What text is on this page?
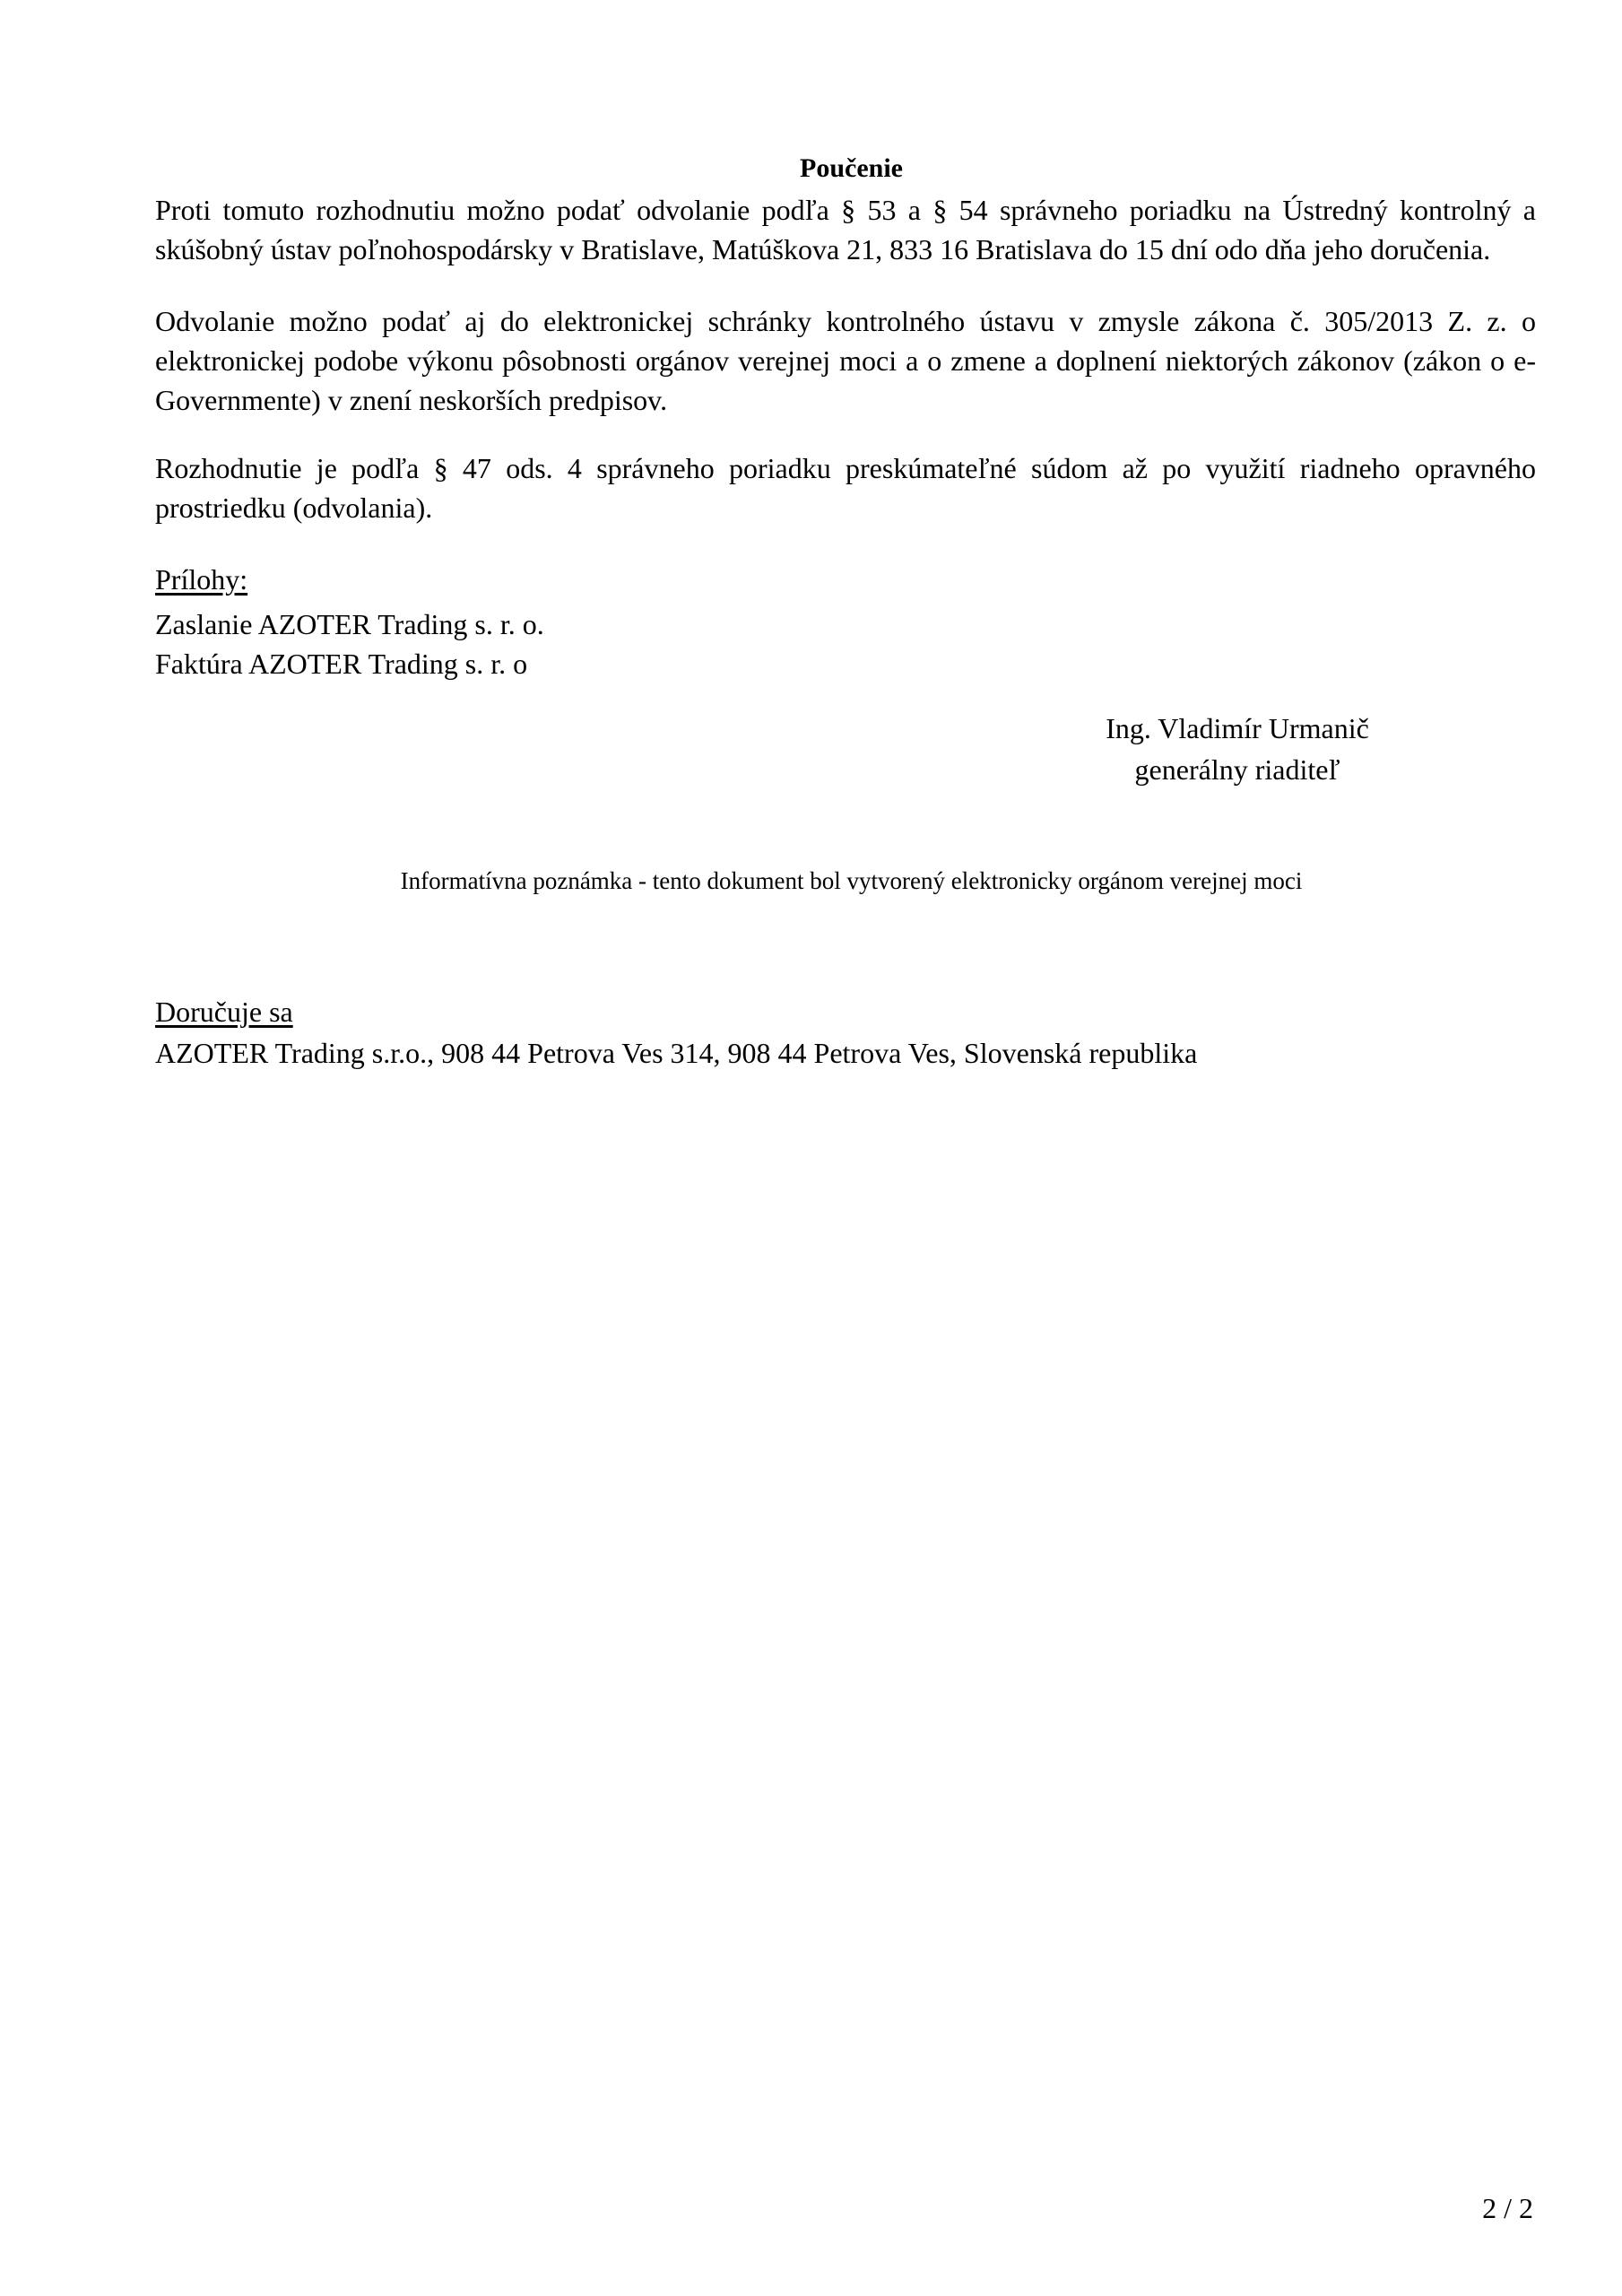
Poučenie
Proti tomuto rozhodnutiu možno podať odvolanie podľa § 53 a § 54 správneho poriadku na Ústredný kontrolný a skúšobný ústav poľnohospodársky v Bratislave, Matúškova 21, 833 16 Bratislava do 15 dní odo dňa jeho doručenia.
Odvolanie možno podať aj do elektronickej schránky kontrolného ústavu v zmysle zákona č. 305/2013 Z. z. o elektronickej podobe výkonu pôsobnosti orgánov verejnej moci a o zmene a doplnení niektorých zákonov (zákon o e-Governmente) v znení neskorších predpisov.
Rozhodnutie je podľa § 47 ods. 4 správneho poriadku preskúmateľné súdom až po využití riadneho opravného prostriedku (odvolania).
Prílohy:
Zaslanie AZOTER Trading s. r. o.
Faktúra AZOTER Trading s. r. o
Ing. Vladimír Urmanič
generálny riaditeľ
Informatívna poznámka - tento dokument bol vytvorený elektronicky orgánom verejnej moci
Doručuje sa
AZOTER Trading s.r.o., 908 44 Petrova Ves 314, 908 44 Petrova Ves, Slovenská republika
2 / 2
